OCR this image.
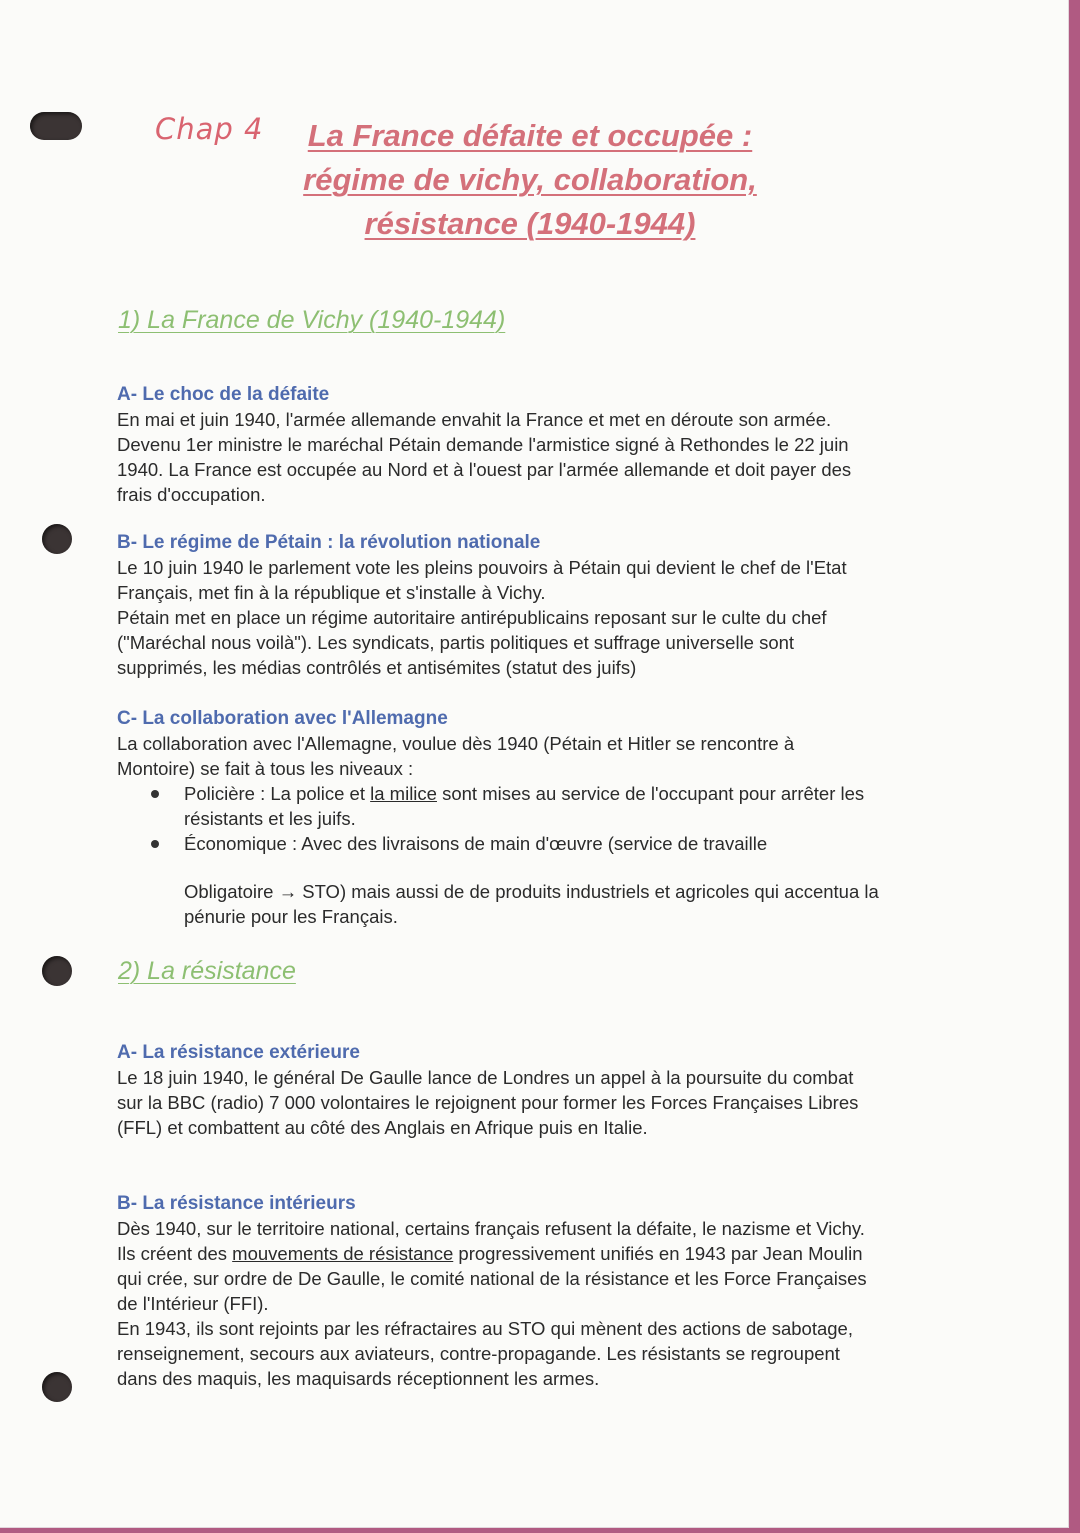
Chap 4	La France défaite et occupée :
régime de vichy, collaboration,
résistance (1940-1944)
1) La France de Vichy (1940-1944)

A- Le choc de la défaite

En mai et juin 1940, l'armée allemande envahit la France et met en déroute son armée.
Devenu 1er ministre le maréchal Pétain demande l'armistice signé à Rethondes le 22 juin
1940. La France est occupée au Nord et à l'ouest par l'armée allemande et doit payer des
frais d'occupation.

B- Le régime de Pétain : la révolution nationale

Le 10 juin 1940 le parlement vote les pleins pouvoirs à Pétain qui devient le chef de l'Etat
Français, met fin à la république et s'installe à Vichy.
Pétain met en place un régime autoritaire antirépublicains reposant sur le culte du chef
("Maréchal nous voilà"). Les syndicats, partis politiques et suffrage universelle sont
supprimés, les médias contrôlés et antisémites (statut des juifs)

C- La collaboration avec l'Allemagne

La collaboration avec l'Allemagne, voulue dès 1940 (Pétain et Hitler se rencontre à
Montoire) se fait à tous les niveaux :

Policière : La police et la milice sont mises au service de l'occupant pour arrêter les
résistants et les juifs.
Économique : Avec des livraisons de main d'œuvre (service de travaille
Obligatoire → STO) mais aussi de de produits industriels et agricoles qui accentua la
pénurie pour les Français.
2) La résistance

A- La résistance extérieure

Le 18 juin 1940, le général De Gaulle lance de Londres un appel à la poursuite du combat
sur la BBC (radio) 7 000 volontaires le rejoignent pour former les Forces Françaises Libres
(FFL) et combattent au côté des Anglais en Afrique puis en Italie.

B- La résistance intérieurs

Dès 1940, sur le territoire national, certains français refusent la défaite, le nazisme et Vichy.
Ils créent des mouvements de résistance progressivement unifiés en 1943 par Jean Moulin
qui crée, sur ordre de De Gaulle, le comité national de la résistance et les Force Françaises
de l'Intérieur (FFI).
En 1943, ils sont rejoints par les réfractaires au STO qui mènent des actions de sabotage,
renseignement, secours aux aviateurs, contre-propagande. Les résistants se regroupent
dans des maquis, les maquisards réceptionnent les armes.
